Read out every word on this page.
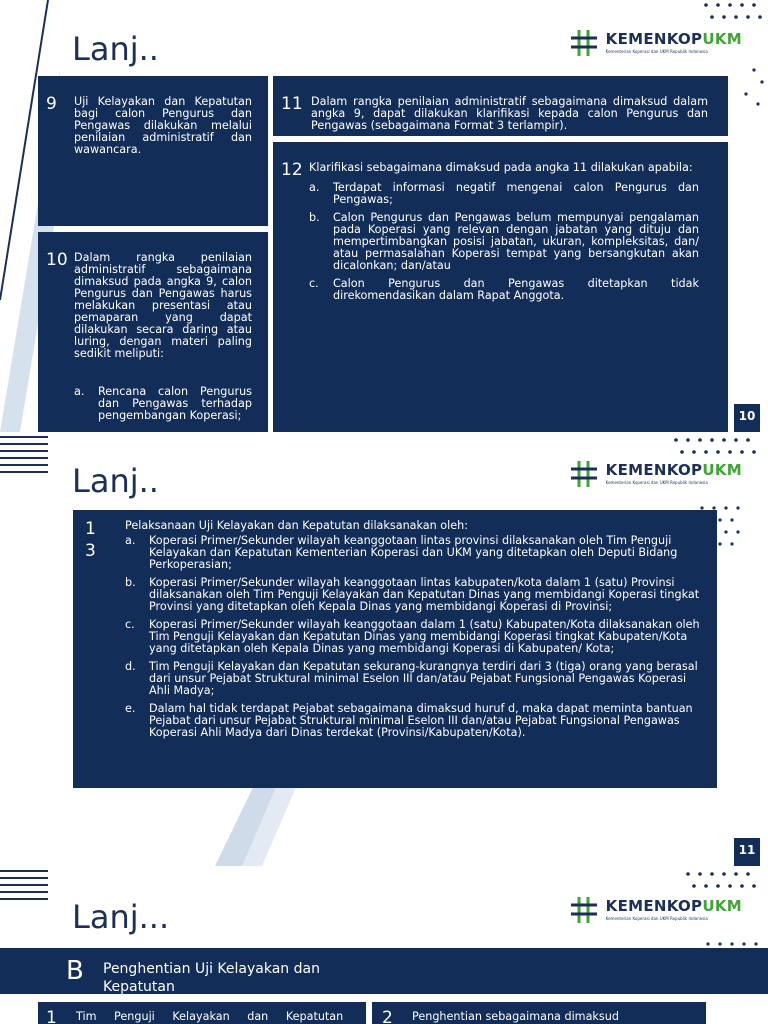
Lanj..	KEMENKOPUKM
Kementerian Koperasi dan UKM Republik Indonesia
9 Uji Kelayakan dan Kepatutan bagi calon Pengurus dan Pengawas dilakukan melalui penilaian administratif dan wawancara.
10 Dalam rangka penilaian administratif sebagaimana dimaksud pada angka 9, calon Pengurus dan Pengawas harus melakukan presentasi atau pemaparan yang dapat dilakukan secara daring atau luring, dengan materi paling sedikit meliputi:
a.	Rencana calon Pengurus dan Pengawas terhadap pengembangan Koperasi;
11 Dalam rangka penilaian administratif sebagaimana dimaksud dalam angka 9, dapat dilakukan klarifikasi kepada calon Pengurus dan Pengawas (sebagaimana Format 3 terlampir).
12 Klarifikasi sebagaimana dimaksud pada angka 11 dilakukan apabila:
a.	Terdapat informasi negatif mengenai calon Pengurus dan Pengawas;
b.	Calon Pengurus dan Pengawas belum mempunyai pengalaman pada Koperasi yang relevan dengan jabatan yang dituju dan mempertimbangkan posisi jabatan, ukuran, kompleksitas, dan/ atau permasalahan Koperasi tempat yang bersangkutan akan dicalonkan; dan/atau
c.	Calon Pengurus dan Pengawas ditetapkan tidak direkomendasikan dalam Rapat Anggota.
10
Lanj..	KEMENKOPUKM
Kementerian Koperasi dan UKM Republik Indonesia
13
Pelaksanaan Uji Kelayakan dan Kepatutan dilaksanakan oleh:
a.	Koperasi Primer/Sekunder wilayah keanggotaan lintas provinsi dilaksanakan oleh Tim Penguji Kelayakan dan Kepatutan Kementerian Koperasi dan UKM yang ditetapkan oleh Deputi Bidang Perkoperasian;
b.	Koperasi Primer/Sekunder wilayah keanggotaan lintas kabupaten/kota dalam 1 (satu) Provinsi dilaksanakan oleh Tim Penguji Kelayakan dan Kepatutan Dinas yang membidangi Koperasi tingkat Provinsi yang ditetapkan oleh Kepala Dinas yang membidangi Koperasi di Provinsi;
c.	Koperasi Primer/Sekunder wilayah keanggotaan dalam 1 (satu) Kabupaten/Kota dilaksanakan oleh Tim Penguji Kelayakan dan Kepatutan Dinas yang membidangi Koperasi tingkat Kabupaten/Kota yang ditetapkan oleh Kepala Dinas yang membidangi Koperasi di Kabupaten/ Kota;
d.	Tim Penguji Kelayakan dan Kepatutan sekurang-kurangnya terdiri dari 3 (tiga) orang yang berasal dari unsur Pejabat Struktural minimal Eselon III dan/atau Pejabat Fungsional Pengawas Koperasi Ahli Madya;
e.	Dalam hal tidak terdapat Pejabat sebagaimana dimaksud huruf d, maka dapat meminta bantuan Pejabat dari unsur Pejabat Struktural minimal Eselon III dan/atau Pejabat Fungsional Pengawas Koperasi Ahli Madya dari Dinas terdekat (Provinsi/Kabupaten/Kota).
11
Lanj...	KEMENKOPUKM
Kementerian Koperasi dan UKM Republik Indonesia
B Penghentian Uji Kelayakan dan Kepatutan
1 Tim Penguji Kelayakan dan Kepatutan 2 Penghentian sebagaimana dimaksud
